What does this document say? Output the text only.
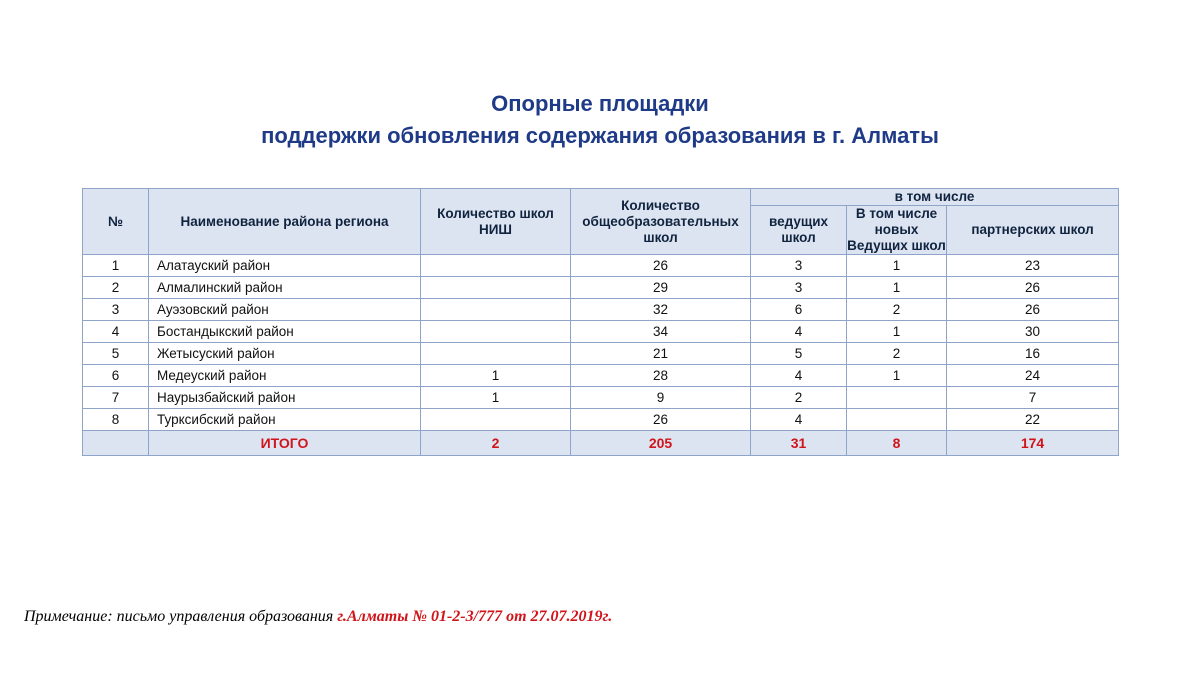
Опорные площадки
поддержки обновления содержания образования в г. Алматы
№	Наименование района региона	Количество школ НИШ	Количество общеобразовательных школ	в том числе		
				ведущих школ	В том числе новых Ведущих школ	партнерских школ
1	Алатауский район		26	3	1	23
2	Алмалинский район		29	3	1	26
3	Ауэзовский район		32	6	2	26
4	Бостандыкский район		34	4	1	30
5	Жетысуский район		21	5	2	16
6	Медеуский район	1	28	4	1	24
7	Наурызбайский район	1	9	2		7
8	Турксибский район		26	4		22
	ИТОГО	2	205	31	8	174
Примечание: письмо управления образования г.Алматы № 01-2-3/777 от 27.07.2019г.
